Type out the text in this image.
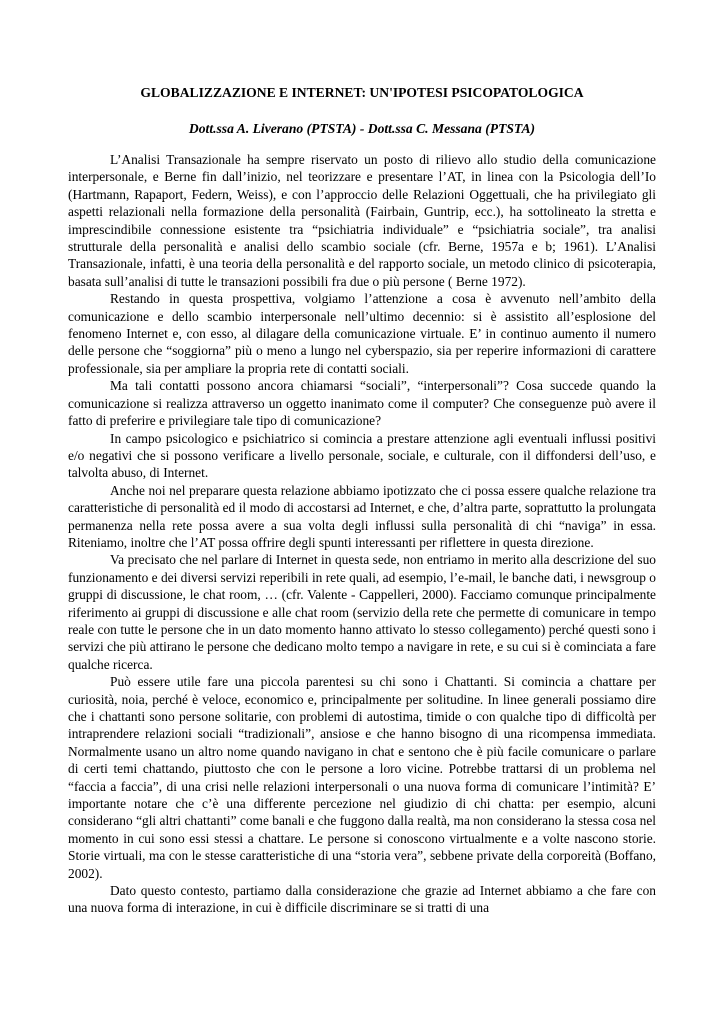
GLOBALIZZAZIONE E INTERNET: UN'IPOTESI PSICOPATOLOGICA
Dott.ssa A. Liverano (PTSTA) - Dott.ssa C. Messana (PTSTA)

L’Analisi Transazionale ha sempre riservato un posto di rilievo allo studio della comunicazione interpersonale, e Berne fin dall’inizio, nel teorizzare e presentare l’AT, in linea con la Psicologia dell’Io (Hartmann, Rapaport, Federn, Weiss), e con l’approccio delle Relazioni Oggettuali, che ha privilegiato gli aspetti relazionali nella formazione della personalità (Fairbain, Guntrip, ecc.), ha sottolineato la stretta e imprescindibile connessione esistente tra “psichiatria individuale” e “psichiatria sociale”, tra analisi strutturale della personalità e analisi dello scambio sociale (cfr. Berne, 1957a e b; 1961). L’Analisi Transazionale, infatti, è una teoria della personalità e del rapporto sociale, un metodo clinico di psicoterapia, basata sull’analisi di tutte le transazioni possibili fra due o più persone ( Berne 1972).

Restando in questa prospettiva, volgiamo l’attenzione a cosa è avvenuto nell’ambito della comunicazione e dello scambio interpersonale nell’ultimo decennio: si è assistito all’esplosione del fenomeno Internet e, con esso, al dilagare della comunicazione virtuale. E’ in continuo aumento il numero delle persone che “soggiorna” più o meno a lungo nel cyberspazio, sia per reperire informazioni di carattere professionale, sia per ampliare la propria rete di contatti sociali.

Ma tali contatti possono ancora chiamarsi “sociali”, “interpersonali”? Cosa succede quando la comunicazione si realizza attraverso un oggetto inanimato come il computer? Che conseguenze può avere il fatto di preferire e privilegiare tale tipo di comunicazione?

In campo psicologico e psichiatrico si comincia a prestare attenzione agli eventuali influssi positivi e/o negativi che si possono verificare a livello personale, sociale, e culturale, con il diffondersi dell’uso, e talvolta abuso, di Internet.

Anche noi nel preparare questa relazione abbiamo ipotizzato che ci possa essere qualche relazione tra caratteristiche di personalità ed il modo di accostarsi ad Internet, e che, d’altra parte, soprattutto la prolungata permanenza nella rete possa avere a sua volta degli influssi sulla personalità di chi “naviga” in essa. Riteniamo, inoltre che l’AT possa offrire degli spunti interessanti per riflettere in questa direzione.

Va precisato che nel parlare di Internet in questa sede, non entriamo in merito alla descrizione del suo funzionamento e dei diversi servizi reperibili in rete quali, ad esempio, l’e-mail, le banche dati, i newsgroup o gruppi di discussione, le chat room, … (cfr. Valente - Cappelleri, 2000). Facciamo comunque principalmente riferimento ai gruppi di discussione e alle chat room (servizio della rete che permette di comunicare in tempo reale con tutte le persone che in un dato momento hanno attivato lo stesso collegamento) perché questi sono i servizi che più attirano le persone che dedicano molto tempo a navigare in rete, e su cui si è cominciata a fare qualche ricerca.

Può essere utile fare una piccola parentesi su chi sono i Chattanti. Si comincia a chattare per curiosità, noia, perché è veloce, economico e, principalmente per solitudine. In linee generali possiamo dire che i chattanti sono persone solitarie, con problemi di autostima, timide o con qualche tipo di difficoltà per intraprendere relazioni sociali “tradizionali”, ansiose e che hanno bisogno di una ricompensa immediata. Normalmente usano un altro nome quando navigano in chat e sentono che è più facile comunicare o parlare di certi temi chattando, piuttosto che con le persone a loro vicine. Potrebbe trattarsi di un problema nel “faccia a faccia”, di una crisi nelle relazioni interpersonali o una nuova forma di comunicare l’intimità? E’ importante notare che c’è una differente percezione nel giudizio di chi chatta: per esempio, alcuni considerano “gli altri chattanti” come banali e che fuggono dalla realtà, ma non considerano la stessa cosa nel momento in cui sono essi stessi a chattare. Le persone si conoscono virtualmente e a volte nascono storie. Storie virtuali, ma con le stesse caratteristiche di una “storia vera”, sebbene private della corporeità (Boffano, 2002).

Dato questo contesto, partiamo dalla considerazione che grazie ad Internet abbiamo a che fare con una nuova forma di interazione, in cui è difficile discriminare se si tratti di una
